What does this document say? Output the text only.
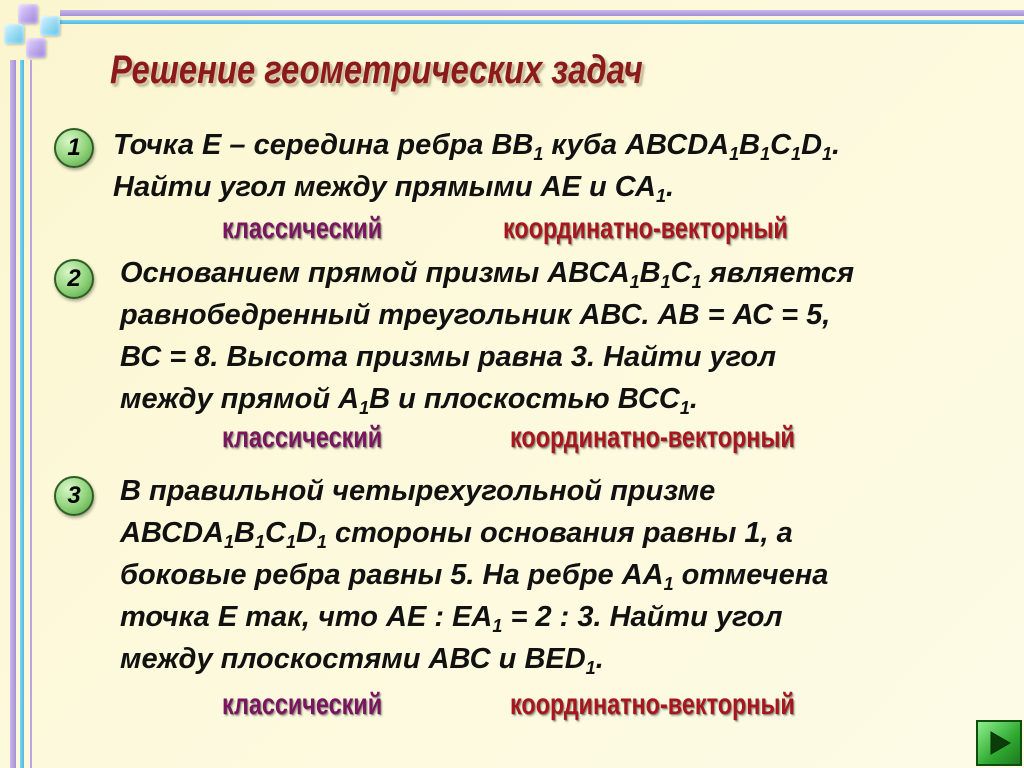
Решение геометрических задач
1	Точка Е – середина ребра $ВВ_1$ куба $АВСDA_1B_1C_1D_1$.
Найти угол между прямыми АЕ и $СА_1$.
классический	координатно-векторный
2	Основанием прямой призмы $АВСА_1В_1С_1$ является
равнобедренный треугольник АВС. АВ = АС = 5,
ВС = 8. Высота призмы равна 3. Найти угол
между прямой $А_1В$ и плоскостью $ВСС_1$.
классический	координатно-векторный
3	В правильной четырехугольной призме
$АВСDA_1B_1C_1D_1$ стороны основания равны 1, а
боковые ребра равны 5. На ребре $АА_1$ отмечена
точка Е так, что АЕ : $ЕА_1 = 2$ : 3. Найти угол
между плоскостями АВС и $ВЕD_1$.
классический	координатно-векторный
